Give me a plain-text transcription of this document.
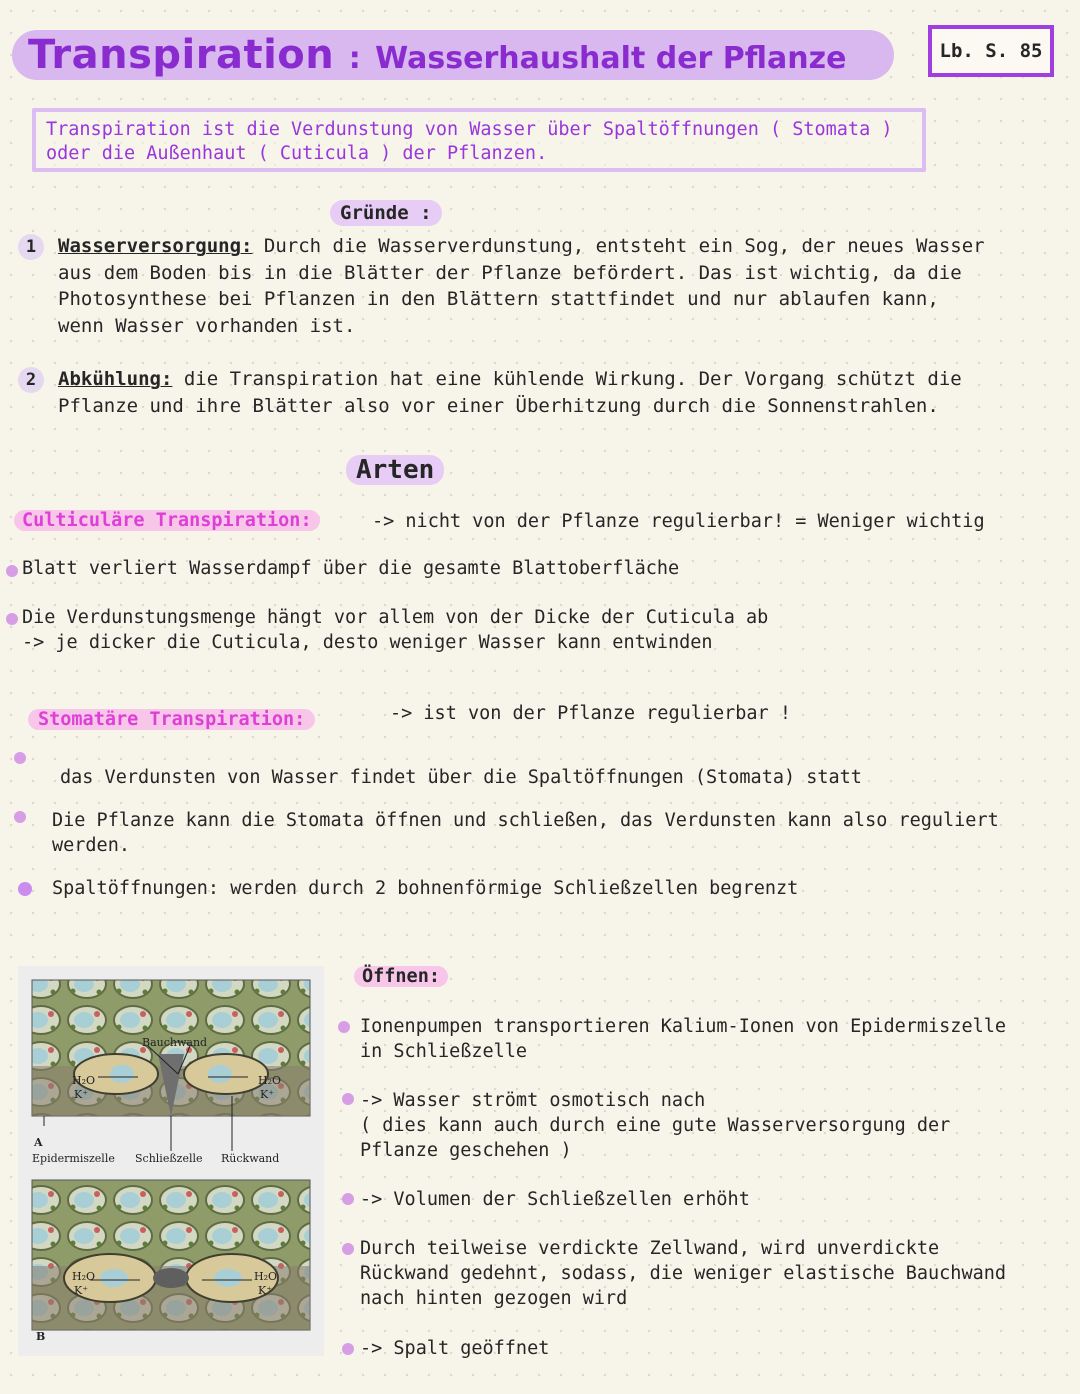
Transpiration : Wasserhaushalt der Pflanze	Lb. S. 85
Transpiration ist die Verdunstung von Wasser über Spaltöffnungen ( Stomata )
oder die Außenhaut ( Cuticula ) der Pflanzen.
Gründe :
1	Wasserversorgung: Durch die Wasserverdunstung, entsteht ein Sog, der neues Wasser
aus dem Boden bis in die Blätter der Pflanze befördert. Das ist wichtig, da die
Photosynthese bei Pflanzen in den Blättern stattfindet und nur ablaufen kann,
wenn Wasser vorhanden ist.
2	Abkühlung: die Transpiration hat eine kühlende Wirkung. Der Vorgang schützt die
Pflanze und ihre Blätter also vor einer Überhitzung durch die Sonnenstrahlen.
Arten
Culticuläre Transpiration:	-> nicht von der Pflanze regulierbar! = Weniger wichtig
Blatt verliert Wasserdampf über die gesamte Blattoberfläche
Die Verdunstungsmenge hängt vor allem von der Dicke der Cuticula ab
-> je dicker die Cuticula, desto weniger Wasser kann entwinden
Stomatäre Transpiration:	-> ist von der Pflanze regulierbar !
das Verdunsten von Wasser findet über die Spaltöffnungen (Stomata) statt
Die Pflanze kann die Stomata öffnen und schließen, das Verdunsten kann also reguliert
werden.
Spaltöffnungen: werden durch 2 bohnenförmige Schließzellen begrenzt
Bauchwand
H₂O
K⁺
H₂O
K⁺
A
Epidermiszelle Schließzelle Rückwand
H₂O
K⁺
H₂O
K⁺
B
Öffnen:
Ionenpumpen transportieren Kalium-Ionen von Epidermiszelle
in Schließzelle
-> Wasser strömt osmotisch nach
( dies kann auch durch eine gute Wasserversorgung der
Pflanze geschehen )
-> Volumen der Schließzellen erhöht
Durch teilweise verdickte Zellwand, wird unverdickte
Rückwand gedehnt, sodass, die weniger elastische Bauchwand
nach hinten gezogen wird
-> Spalt geöffnet
